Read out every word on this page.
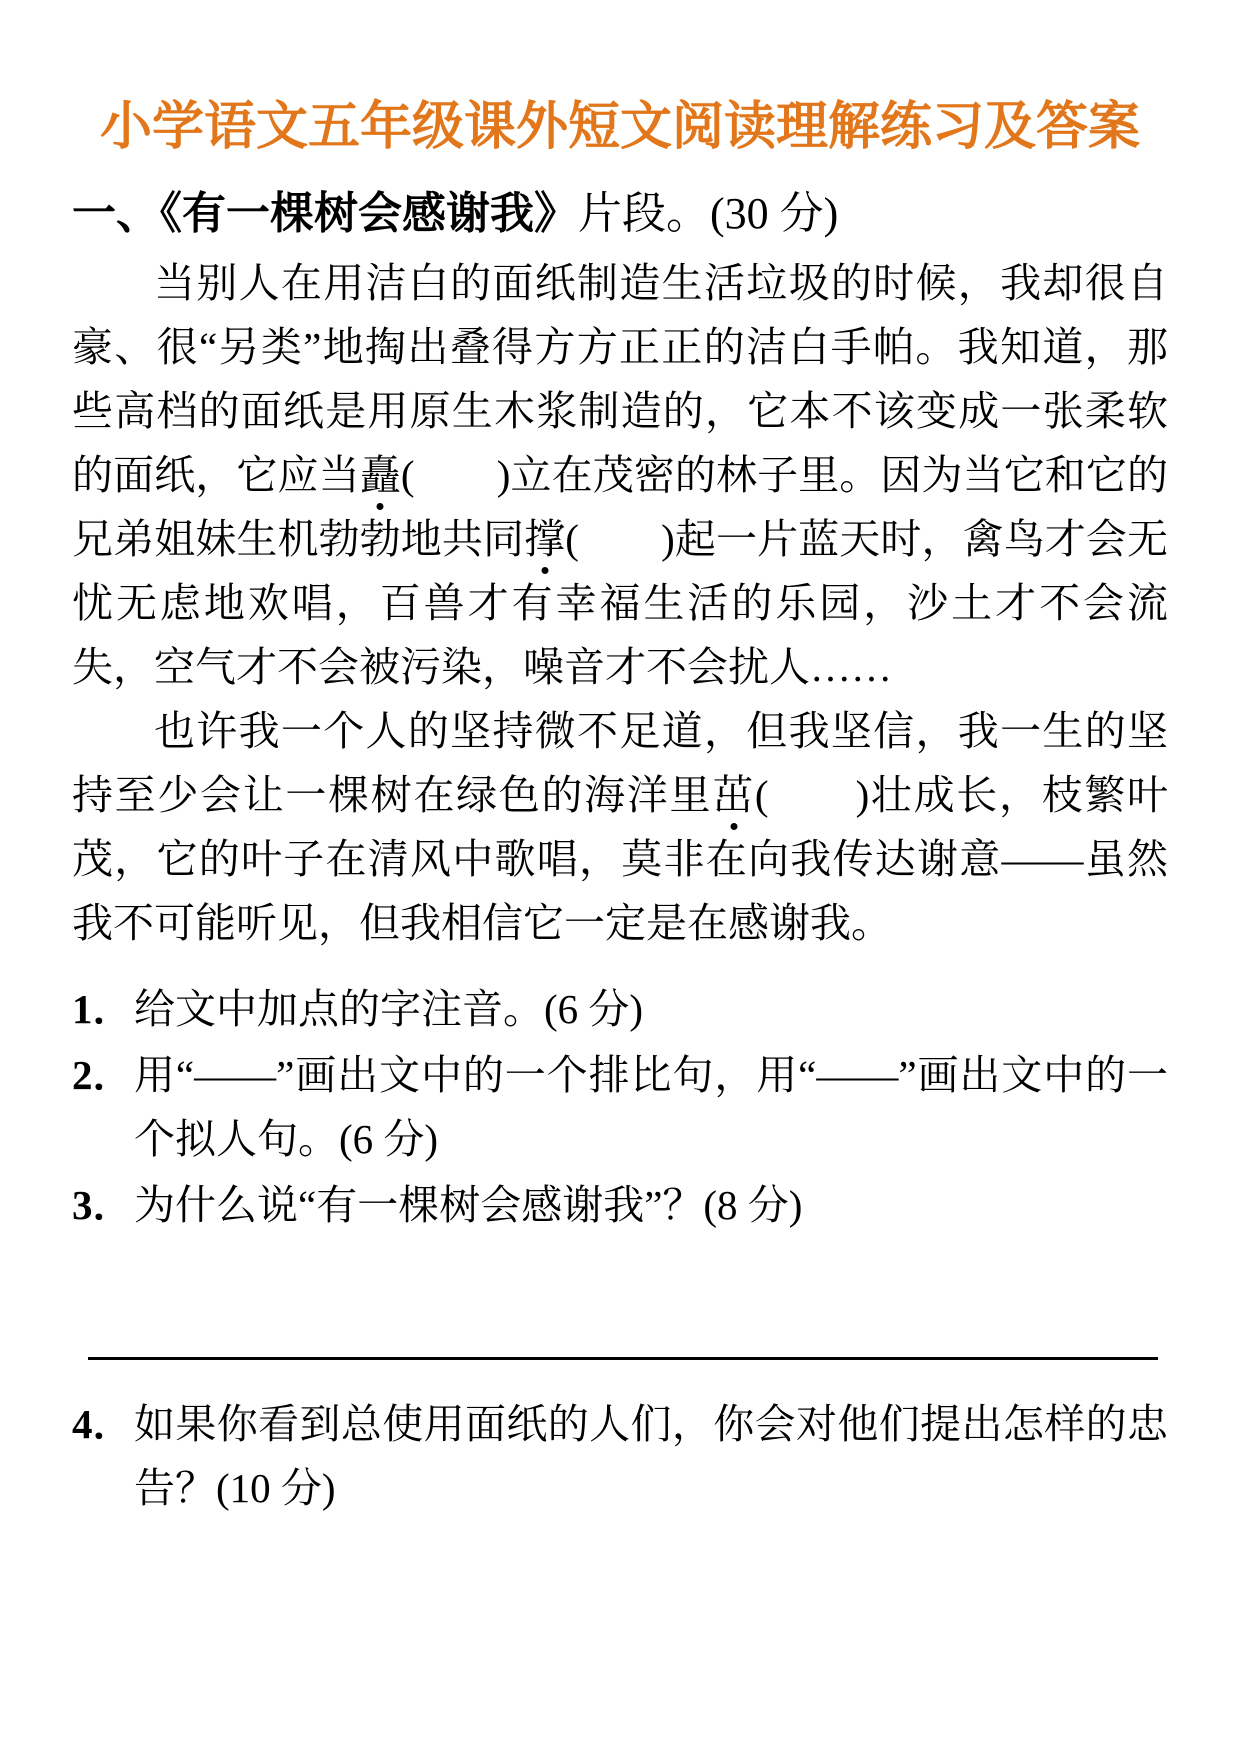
小学语文五年级课外短文阅读理解练习及答案
一、《有一棵树会感谢我》片段。(30 分)

当别人在用洁白的面纸制造生活垃圾的时候，我却很自豪、很“另类”地掏出叠得方方正正的洁白手帕。我知道，那些高档的面纸是用原生木浆制造的，它本不该变成一张柔软的面纸，它应当矗(　　)立在茂密的林子里。因为当它和它的兄弟姐妹生机勃勃地共同撑(　　)起一片蓝天时，禽鸟才会无忧无虑地欢唱，百兽才有幸福生活的乐园，沙土才不会流失，空气才不会被污染，噪音才不会扰人……

也许我一个人的坚持微不足道，但我坚信，我一生的坚持至少会让一棵树在绿色的海洋里茁(　　)壮成长，枝繁叶茂，它的叶子在清风中歌唱，莫非在向我传达谢意——虽然我不可能听见，但我相信它一定是在感谢我。

1． 给文中加点的字注音。(6 分)
2． 用“——”画出文中的一个排比句，用“——”画出文中的一个拟人句。(6 分)
3． 为什么说“有一棵树会感谢我”？(8 分)
4． 如果你看到总使用面纸的人们，你会对他们提出怎样的忠告？(10 分)
